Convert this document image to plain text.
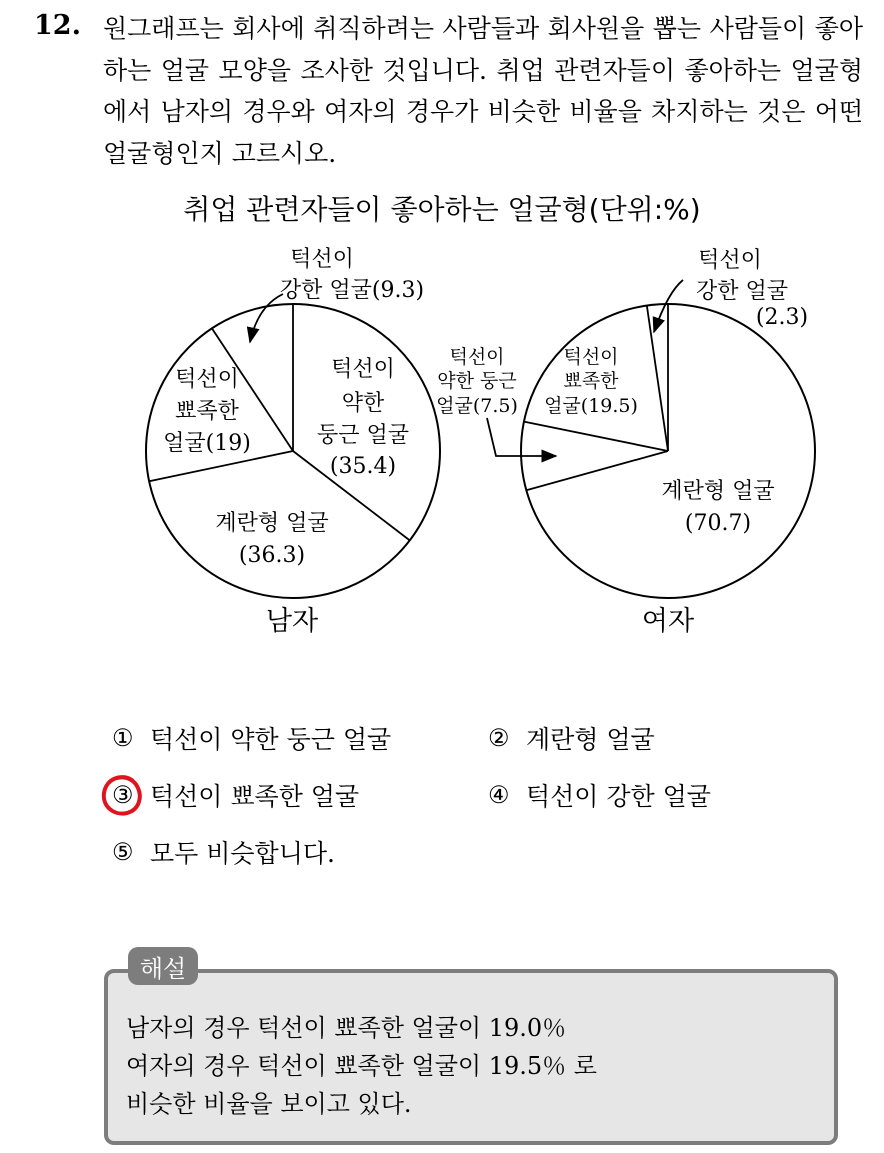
12. 원그래프는 회사에 취직하려는 사람들과 회사원을 뽑는 사람들이 좋아하는 얼굴 모양을 조사한 것입니다. 취업 관련자들이 좋아하는 얼굴형에서 남자의 경우와 여자의 경우가 비슷한 비율을 차지하는 것은 어떤 얼굴형인지 고르시오.
취업 관련자들이 좋아하는 얼굴형(단위:%)
턱선이
약한
둥근 얼굴
(35.4)
계란형 얼굴
(36.3)
턱선이
뾰족한
얼굴(19)
턱선이
강한 얼굴(9.3)
남자
계란형 얼굴
(70.7)
턱선이
약한 둥근
얼굴(7.5)
턱선이
뾰족한
얼굴(19.5)
턱선이
강한 얼굴
(2.3)
여자
① 턱선이 약한 둥근 얼굴	② 계란형 얼굴
③ 턱선이 뾰족한 얼굴	④ 턱선이 강한 얼굴
⑤ 모두 비슷합니다.
해설
남자의 경우 턱선이 뾰족한 얼굴이 19.0％
여자의 경우 턱선이 뾰족한 얼굴이 19.5％ 로
비슷한 비율을 보이고 있다.
